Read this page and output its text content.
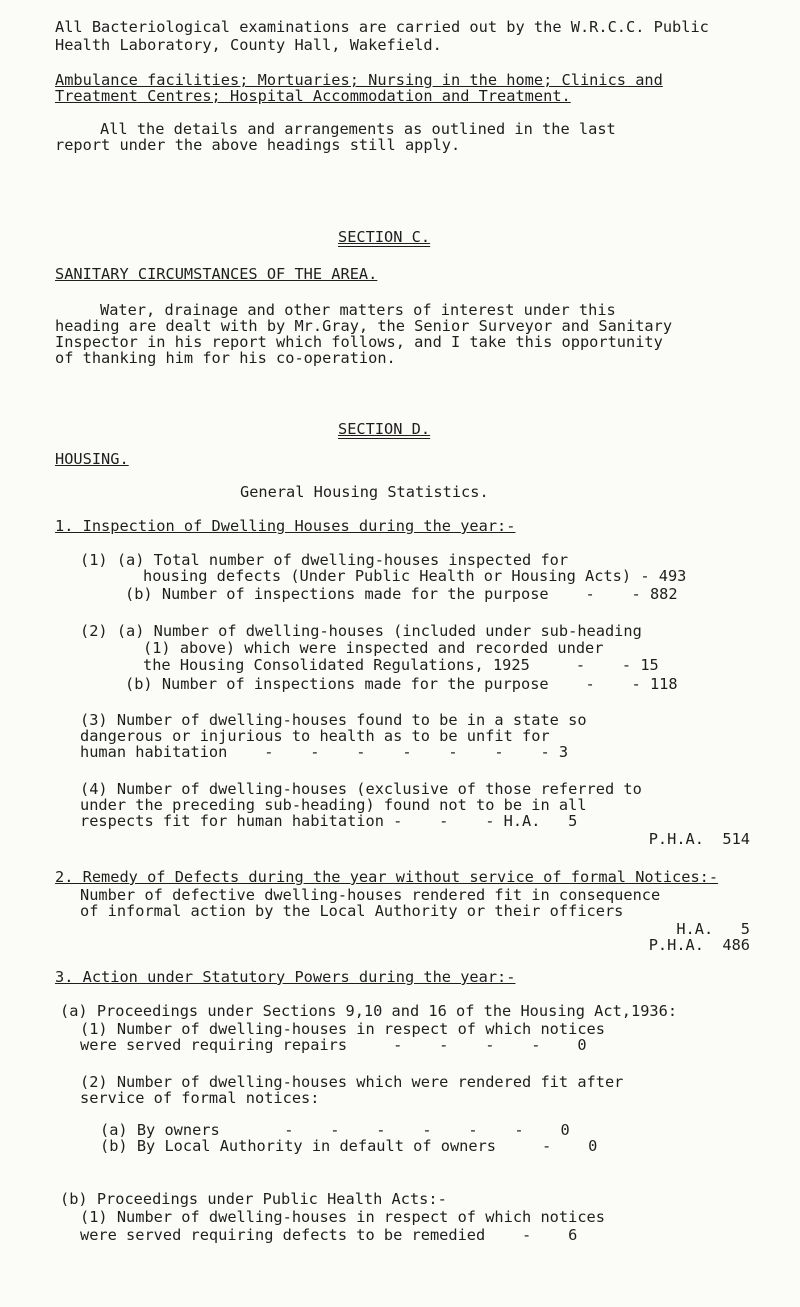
All Bacteriological examinations are carried out by the W.R.C.C. Public
Health Laboratory, County Hall, Wakefield.
Ambulance facilities; Mortuaries; Nursing in the home; Clinics and
Treatment Centres; Hospital Accommodation and Treatment.
All the details and arrangements as outlined in the last
report under the above headings still apply.
SECTION C.
SANITARY CIRCUMSTANCES OF THE AREA.
Water, drainage and other matters of interest under this
heading are dealt with by Mr.Gray, the Senior Surveyor and Sanitary
Inspector in his report which follows, and I take this opportunity
of thanking him for his co-operation.
SECTION D.
HOUSING.
General Housing Statistics.
1. Inspection of Dwelling Houses during the year:-
(1) (a) Total number of dwelling-houses inspected for
housing defects (Under Public Health or Housing Acts) - 493
(b) Number of inspections made for the purpose    -    - 882
(2) (a) Number of dwelling-houses (included under sub-heading
(1) above) which were inspected and recorded under
the Housing Consolidated Regulations, 1925     -    - 15
(b) Number of inspections made for the purpose    -    - 118
(3) Number of dwelling-houses found to be in a state so
dangerous or injurious to health as to be unfit for
human habitation    -    -    -    -    -    -    - 3
(4) Number of dwelling-houses (exclusive of those referred to
under the preceding sub-heading) found not to be in all
respects fit for human habitation -    -    - H.A.   5
P.H.A.  514
2. Remedy of Defects during the year without service of formal Notices:-
Number of defective dwelling-houses rendered fit in consequence
of informal action by the Local Authority or their officers
H.A.   5
P.H.A.  486
3. Action under Statutory Powers during the year:-
(a) Proceedings under Sections 9,10 and 16 of the Housing Act,1936:
(1) Number of dwelling-houses in respect of which notices
were served requiring repairs     -    -    -    -    0
(2) Number of dwelling-houses which were rendered fit after
service of formal notices:
(a) By owners       -    -    -    -    -    -    0
(b) By Local Authority in default of owners     -    0
(b) Proceedings under Public Health Acts:-
(1) Number of dwelling-houses in respect of which notices
were served requiring defects to be remedied    -    6
